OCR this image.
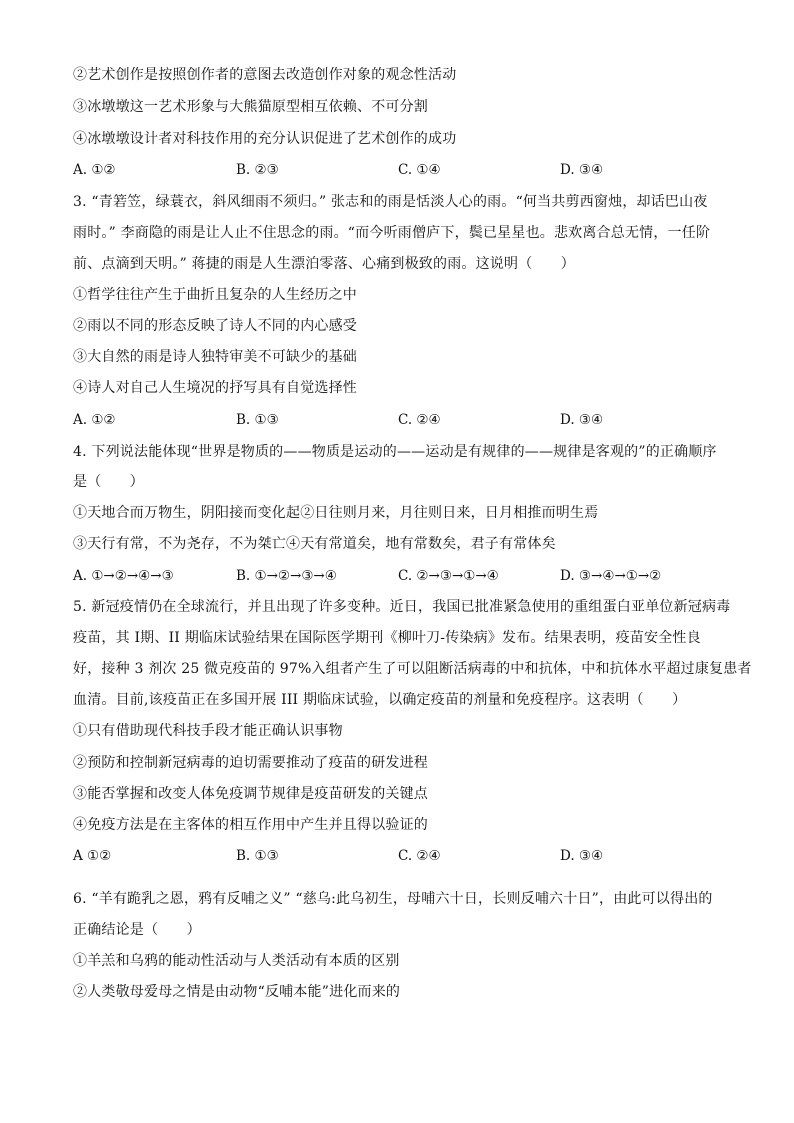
②艺术创作是按照创作者的意图去改造创作对象的观念性活动
③冰墩墩这一艺术形象与大熊猫原型相互依赖、不可分割
④冰墩墩设计者对科技作用的充分认识促进了艺术创作的成功
A. ①②	B. ②③	C. ①④	D. ③④
3. “青箬笠，绿蓑衣，斜风细雨不须归。” 张志和的雨是恬淡人心的雨。“何当共剪西窗烛，却话巴山夜
雨时。” 李商隐的雨是让人止不住思念的雨。“而今听雨僧庐下，鬓已星星也。悲欢离合总无情，一任阶
前、点滴到天明。” 蒋捷的雨是人生漂泊零落、心痛到极致的雨。这说明（　　）
①哲学往往产生于曲折且复杂的人生经历之中
②雨以不同的形态反映了诗人不同的内心感受
③大自然的雨是诗人独特审美不可缺少的基础
④诗人对自己人生境况的抒写具有自觉选择性
A. ①②	B. ①③	C. ②④	D. ③④
4. 下列说法能体现“世界是物质的——物质是运动的——运动是有规律的——规律是客观的”的正确顺序
是（　　）
①天地合而万物生，阴阳接而变化起②日往则月来，月往则日来，日月相推而明生焉
③天行有常，不为尧存，不为桀亡④天有常道矣，地有常数矣，君子有常体矣
A. ①→②→④→③	B. ①→②→③→④	C. ②→③→①→④	D. ③→④→①→②
5. 新冠疫情仍在全球流行，并且出现了许多变种。近日，我国已批准紧急使用的重组蛋白亚单位新冠病毒
疫苗，其 I期、II 期临床试验结果在国际医学期刊《柳叶刀-传染病》发布。结果表明，疫苗安全性良
好，接种 3 剂次 25 微克疫苗的 97%入组者产生了可以阻断活病毒的中和抗体，中和抗体水平超过康复患者
血清。目前,该疫苗正在多国开展 III 期临床试验，以确定疫苗的剂量和免疫程序。这表明（　　）
①只有借助现代科技手段才能正确认识事物
②预防和控制新冠病毒的迫切需要推动了疫苗的研发进程
③能否掌握和改变人体免疫调节规律是疫苗研发的关键点
④免疫方法是在主客体的相互作用中产生并且得以验证的
A ①②	B. ①③	C. ②④	D. ③④
6. “羊有跪乳之恩，鸦有反哺之义” “慈乌:此乌初生，母哺六十日，长则反哺六十日”，由此可以得出的
正确结论是（　　）
①羊羔和乌鸦的能动性活动与人类活动有本质的区别
②人类敬母爱母之情是由动物“反哺本能”进化而来的
